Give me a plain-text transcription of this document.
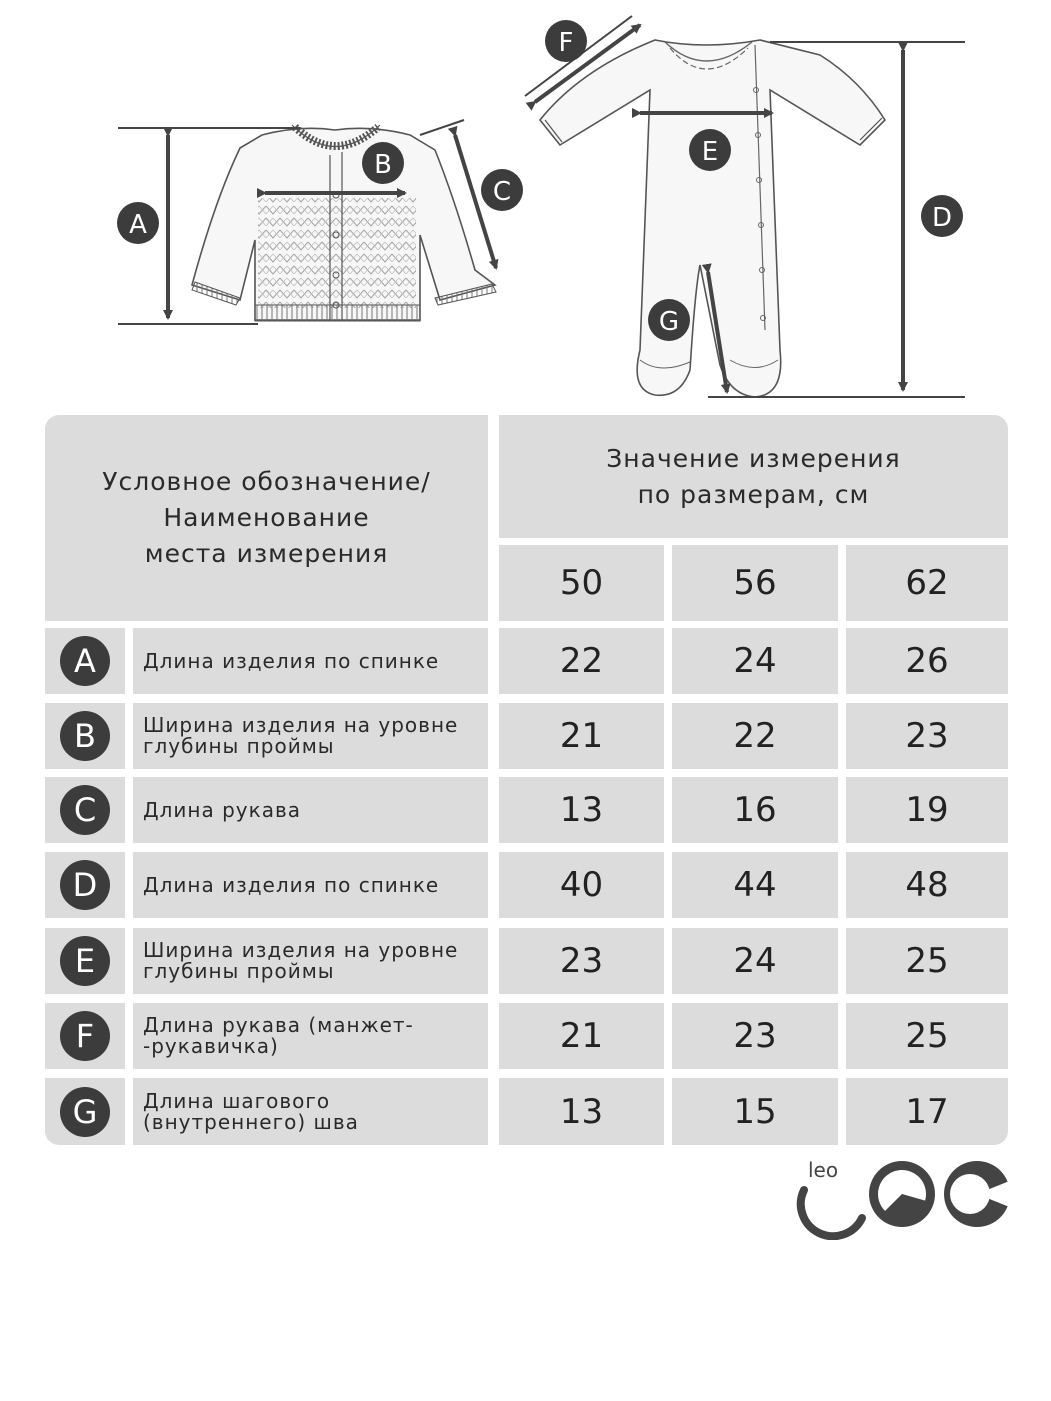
A
B
C
D
E
F
G
Условное обозначение/
Наименование
места измерения
Значение измерения
по размерам, см
50	56	62
A	Длина изделия по спинке	22	24	26
B	Ширина изделия на уровне
глубины проймы	21	22	23
C	Длина рукава	13	16	19
D	Длина изделия по спинке	40	44	48
E	Ширина изделия на уровне
глубины проймы	23	24	25
F	Длина рукава (манжет-
-рукавичка)	21	23	25
G	Длина шагового
(внутреннего) шва	13	15	17
leo
